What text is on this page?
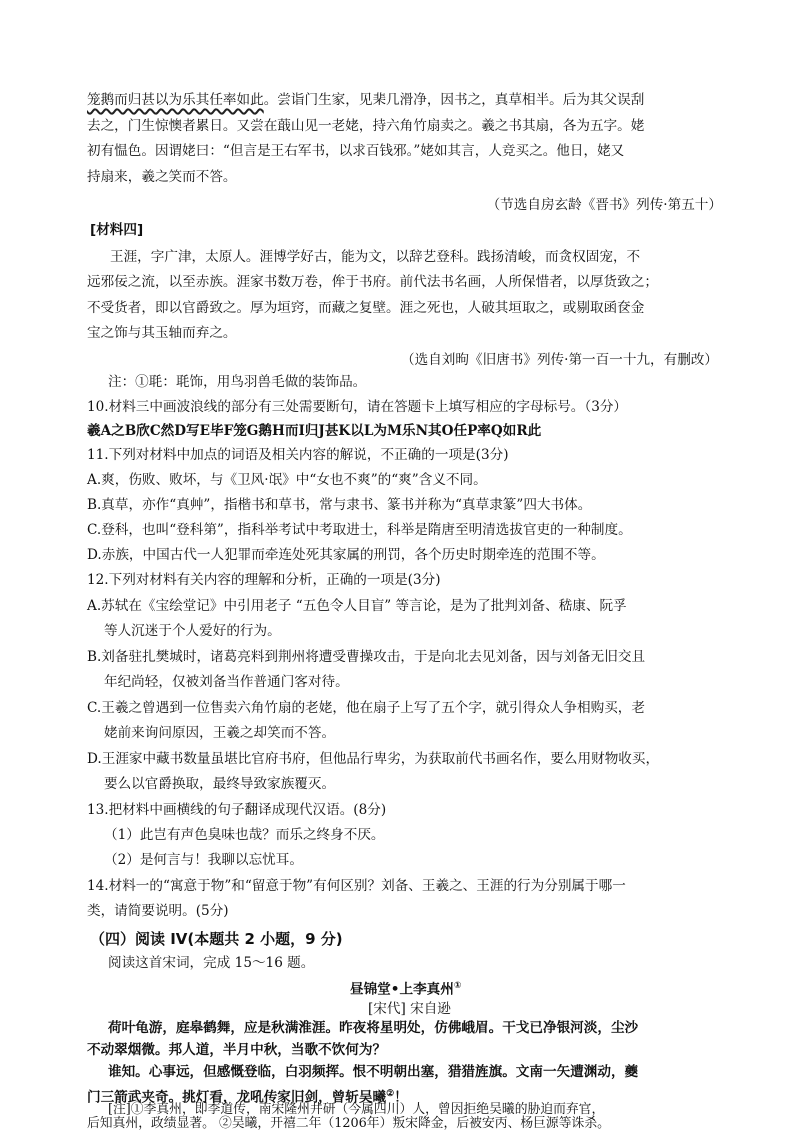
笼鹅而归甚以为乐其任率如此。尝诣门生家，见棐几滑净，因书之，真草相半。后为其父误刮
去之，门生惊懊者累日。又尝在蕺山见一老姥，持六角竹扇卖之。羲之书其扇，各为五字。姥
初有愠色。因谓姥曰：“但言是王右军书，以求百钱邪。”姥如其言，人竞买之。他日，姥又
持扇来，羲之笑而不答。
（节选自房玄龄《晋书》列传·第五十）
[材料四]
王涯，字广津，太原人。涯博学好古，能为文，以辞艺登科。践扬清峻，而贪权固宠，不
远邪佞之流，以至赤族。涯家书数万卷，侔于书府。前代法书名画，人所保惜者，以厚货致之；
不受货者，即以官爵致之。厚为垣窍，而藏之复壁。涯之死也，人破其垣取之，或剔取函奁金
宝之饰与其玉轴而弃之。
（选自刘昫《旧唐书》列传·第一百一十九，有删改）
注：①毦：毦饰，用鸟羽兽毛做的装饰品。
10.材料三中画波浪线的部分有三处需要断句，请在答题卡上填写相应的字母标号。（3分）
羲A之B欣C然D写E毕F笼G鹅H而I归J甚K以L为M乐N其O任P率Q如R此
11.下列对材料中加点的词语及相关内容的解说，不正确的一项是(3分)
A.爽，伤败、败坏，与《卫风·氓》中“女也不爽”的“爽”含义不同。
B.真草，亦作“真艸”，指楷书和草书，常与隶书、篆书并称为“真草隶篆”四大书体。
C.登科，也叫“登科第”，指科举考试中考取进士，科举是隋唐至明清选拔官吏的一种制度。
D.赤族，中国古代一人犯罪而牵连处死其家属的刑罚，各个历史时期牵连的范围不等。
12.下列对材料有关内容的理解和分析，正确的一项是(3分)
A.苏轼在《宝绘堂记》中引用老子 “五色令人目盲” 等言论，是为了批判刘备、嵇康、阮孚
等人沉迷于个人爱好的行为。
B.刘备驻扎樊城时，诸葛亮料到荆州将遭受曹操攻击，于是向北去见刘备，因与刘备无旧交且
年纪尚轻，仅被刘备当作普通门客对待。
C.王羲之曾遇到一位售卖六角竹扇的老姥，他在扇子上写了五个字，就引得众人争相购买，老
姥前来询问原因，王羲之却笑而不答。
D.王涯家中藏书数量虽堪比官府书府，但他品行卑劣，为获取前代书画名作，要么用财物收买，
要么以官爵换取，最终导致家族覆灭。
13.把材料中画横线的句子翻译成现代汉语。(8分)
（1）此岂有声色臭味也哉？而乐之终身不厌。
（2）是何言与！我聊以忘忧耳。
14.材料一的“寓意于物”和“留意于物”有何区别？刘备、王羲之、王涯的行为分别属于哪一
类，请简要说明。(5分)
（四）阅读 IV(本题共 2 小题，9 分)
阅读这首宋词，完成 15～16 题。
昼锦堂•上李真州①
[宋代] 宋自逊
荷叶龟游，庭皋鹤舞，应是秋满淮涯。昨夜将星明处，仿佛峨眉。干戈已净银河淡，尘沙
不动翠烟微。邦人道，半月中秋，当歌不饮何为？
谁知。心事远，但感慨登临，白羽频挥。恨不明朝出塞，猎猎旌旗。文南一矢遭渊动，夔
门三箭武夹奇。挑灯看，龙吼传家旧剑，曾斩吴曦②！
[注]①李真州，即李道传，南宋隆州井研（今属四川）人，曾因拒绝吴曦的胁迫而弃官，
后知真州，政绩显著。 ②吴曦，开禧二年（1206年）叛宋降金，后被安丙、杨巨源等诛杀。
